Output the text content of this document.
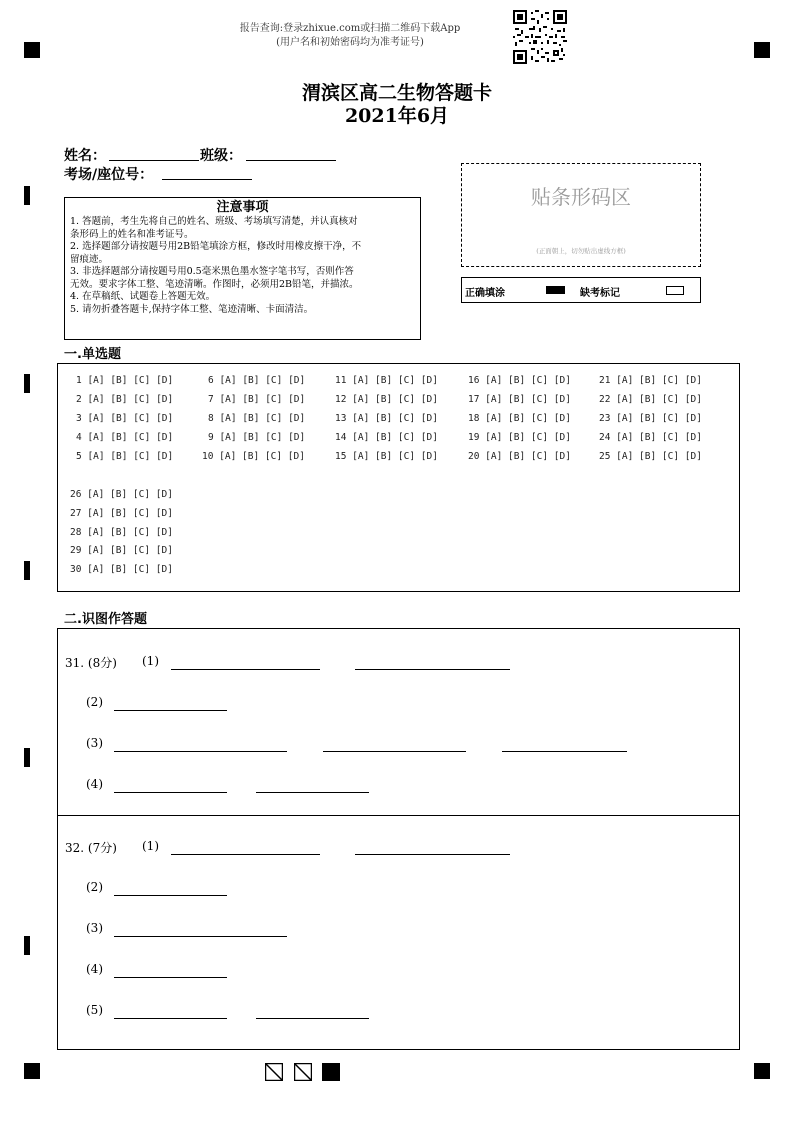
报告查询:登录zhixue.com或扫描二维码下载App
(用户名和初始密码均为准考证号)
渭滨区高二生物答题卡
2021年6月
姓名：	班级：
考场/座位号：
注意事项
1. 答题前，考生先将自己的姓名、班级、考场填写清楚，并认真核对
条形码上的姓名和准考证号。
2. 选择题部分请按题号用2B铅笔填涂方框，修改时用橡皮擦干净，不
留痕迹。
3. 非选择题部分请按题号用0.5毫米黑色墨水签字笔书写，否则作答
无效。要求字体工整、笔迹清晰。作图时，必须用2B铅笔，并描浓。
4. 在草稿纸、试题卷上答题无效。
5. 请勿折叠答题卡,保持字体工整、笔迹清晰、卡面清洁。
贴条形码区
(正面朝上，切勿贴出虚线方框)
正确填涂	缺考标记
一.单选题
1 [A] [B] [C] [D]
2 [A] [B] [C] [D]
3 [A] [B] [C] [D]
4 [A] [B] [C] [D]
5 [A] [B] [C] [D]
6 [A] [B] [C] [D]
7 [A] [B] [C] [D]
8 [A] [B] [C] [D]
9 [A] [B] [C] [D]
10 [A] [B] [C] [D]
11 [A] [B] [C] [D]
12 [A] [B] [C] [D]
13 [A] [B] [C] [D]
14 [A] [B] [C] [D]
15 [A] [B] [C] [D]
16 [A] [B] [C] [D]
17 [A] [B] [C] [D]
18 [A] [B] [C] [D]
19 [A] [B] [C] [D]
20 [A] [B] [C] [D]
21 [A] [B] [C] [D]
22 [A] [B] [C] [D]
23 [A] [B] [C] [D]
24 [A] [B] [C] [D]
25 [A] [B] [C] [D]
26 [A] [B] [C] [D]
27 [A] [B] [C] [D]
28 [A] [B] [C] [D]
29 [A] [B] [C] [D]
30 [A] [B] [C] [D]
二.识图作答题
31. (8分) (1)
(2)
(3)
(4)
32. (7分) (1)
(2)
(3)
(4)
(5)
